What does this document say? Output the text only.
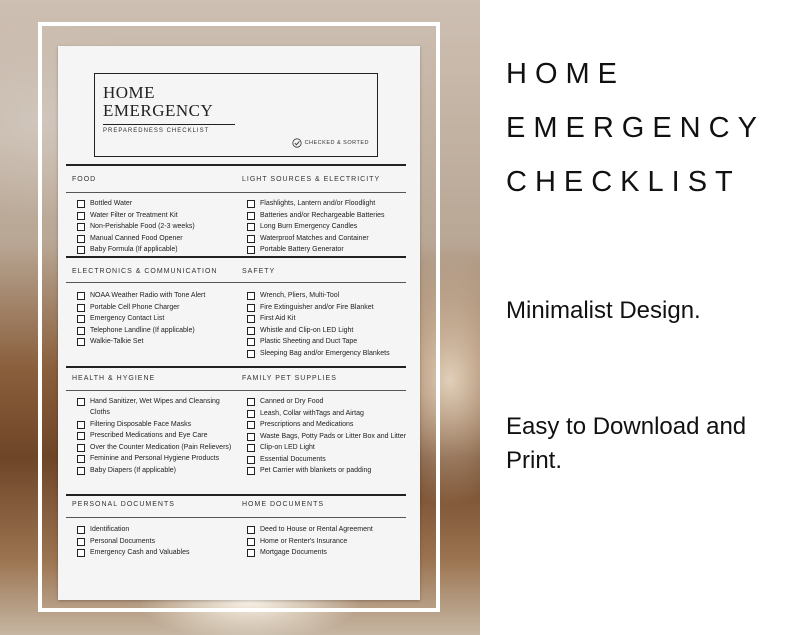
HOME
EMERGENCY
PREPAREDNESS CHECKLIST
CHECKED & SORTED
FOOD
Bottled Water
Water Filter or Treatment Kit
Non-Perishable Food (2-3 weeks)
Manual Canned Food Opener
Baby Formula (If applicable)
LIGHT SOURCES & ELECTRICITY
Flashlights, Lantern and/or Floodlight
Batteries and/or Rechargeable Batteries
Long Burn Emergency Candles
Waterproof Matches and Container
Portable Battery Generator
ELECTRONICS & COMMUNICATION
NOAA Weather Radio with Tone Alert
Portable Cell Phone Charger
Emergency Contact List
Telephone Landline (If applicable)
Walkie-Talkie Set
SAFETY
Wrench, Pliers, Multi-Tool
Fire Extinguisher and/or Fire Blanket
First Aid Kit
Whistle and Clip-on LED Light
Plastic Sheeting and Duct Tape
Sleeping Bag and/or Emergency Blankets
HEALTH & HYGIENE
Hand Sanitizer, Wet Wipes and Cleansing Cloths
Filtering Disposable Face Masks
Prescribed Medications and Eye Care
Over the Counter Medication (Pain Relievers)
Feminine and Personal Hygiene Products
Baby Diapers (If applicable)
FAMILY PET SUPPLIES
Canned or Dry Food
Leash, Collar withTags and Airtag
Prescriptions and Medications
Waste Bags, Potty Pads or Litter Box and Litter
Clip-on LED Light
Essential Documents
Pet Carrier with blankets or padding
PERSONAL DOCUMENTS
Identification
Personal Documents
Emergency Cash and Valuables
HOME DOCUMENTS
Deed to House or Rental Agreement
Home or Renter's Insurance
Mortgage Documents
HOME
EMERGENCY
CHECKLIST
Minimalist Design.
Easy to Download and Print.
